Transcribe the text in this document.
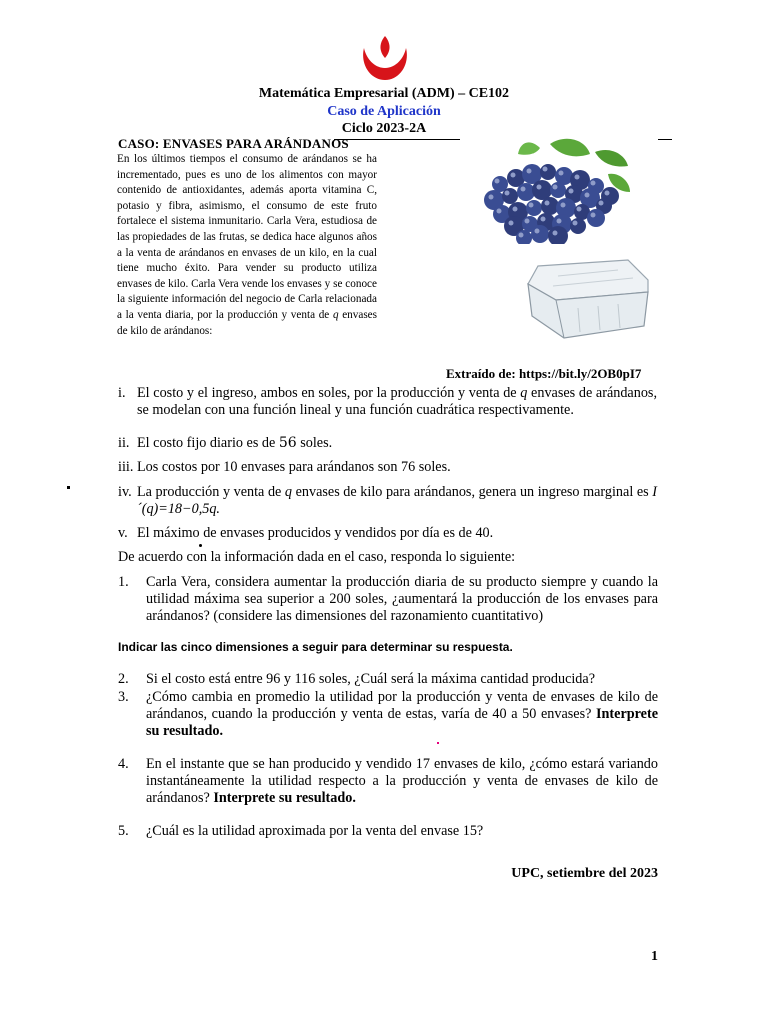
Matemática Empresarial (ADM) – CE102
Caso de Aplicación
Ciclo 2023-2A
CASO: ENVASES PARA ARÁNDANOS
En los últimos tiempos el consumo de arándanos se ha incrementado, pues es uno de los alimentos con mayor contenido de antioxidantes, además aporta vitamina C, potasio y fibra, asimismo, el consumo de este fruto fortalece el sistema inmunitario. Carla Vera, estudiosa de las propiedades de las frutas, se dedica hace algunos años a la venta de arándanos en envases de un kilo, en la cual tiene mucho éxito. Para vender su producto utiliza envases de kilo. Carla Vera vende los envases y se conoce la siguiente información del negocio de Carla relacionada a la venta diaria, por la producción y venta de q envases de kilo de arándanos:
Extraído de: https://bit.ly/2OB0pI7
i. El costo y el ingreso, ambos en soles, por la producción y venta de q envases de arándanos, se modelan con una función lineal y una función cuadrática respectivamente.
ii. El costo fijo diario es de 56 soles.
iii. Los costos por 10 envases para arándanos son 76 soles.
iv. La producción y venta de q envases de kilo para arándanos, genera un ingreso marginal es I ´(q)=18−0,5q.
v. El máximo de envases producidos y vendidos por día es de 40.
De acuerdo con la información dada en el caso, responda lo siguiente:
1. Carla Vera, considera aumentar la producción diaria de su producto siempre y cuando la utilidad máxima sea superior a 200 soles, ¿aumentará la producción de los envases para arándanos? (considere las dimensiones del razonamiento cuantitativo)
Indicar las cinco dimensiones a seguir para determinar su respuesta.
2. Si el costo está entre 96 y 116 soles, ¿Cuál será la máxima cantidad producida?
3. ¿Cómo cambia en promedio la utilidad por la producción y venta de envases de kilo de arándanos, cuando la producción y venta de estas, varía de 40 a 50 envases? Interprete su resultado.
4. En el instante que se han producido y vendido 17 envases de kilo, ¿cómo estará variando instantáneamente la utilidad respecto a la producción y venta de envases de kilo de arándanos? Interprete su resultado.
5. ¿Cuál es la utilidad aproximada por la venta del envase 15?
UPC, setiembre del 2023
1
